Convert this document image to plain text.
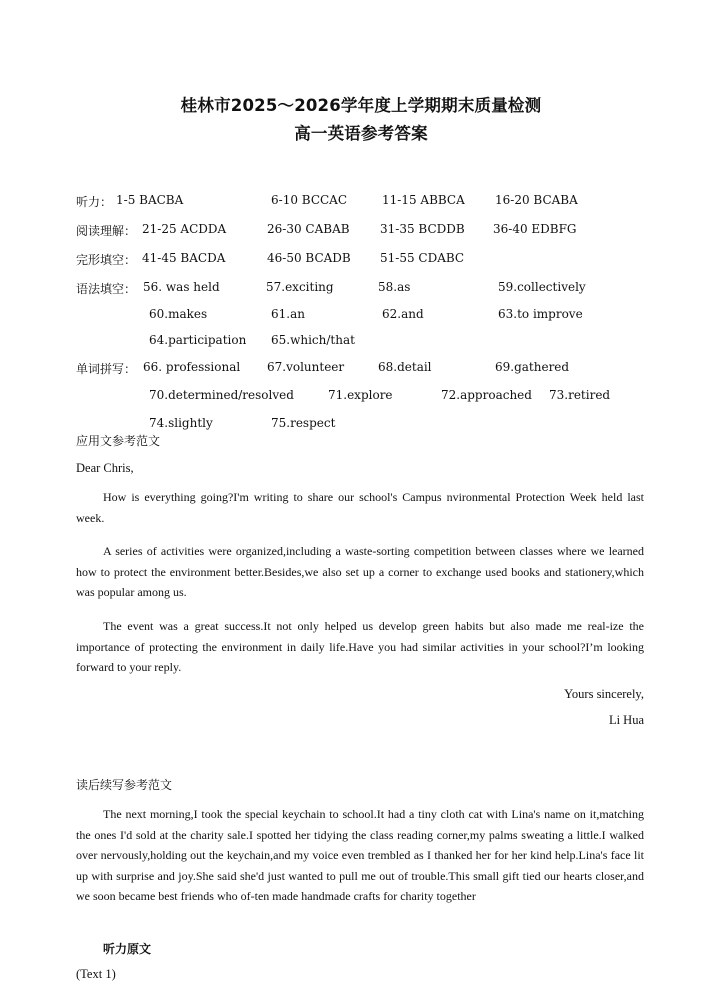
桂林市2025～2026学年度上学期期末质量检测
高一英语参考答案
听力： 1-5 BACBA	6-10 BCCAC	11-15 ABBCA	16-20 BCABA
阅读理解： 21-25 ACDDA	26-30 CABAB	31-35 BCDDB 36-40 EDBFG
完形填空： 41-45 BACDA	46-50 BCADB 51-55 CDABC
语法填空： 56. was held	57.exciting	58.as	59.collectively
60.makes	61.an	62.and	63.to improve
64.participation 65.which/that
单词拼写： 66. professional 67.volunteer	68.detail	69.gathered
70.determined/resolved	71.explore	72.approached 73.retired
74.slightly	75.respect
应用文参考范文
Dear Chris,
How is everything going?I'm writing to share our school's Campus nvironmental Protection Week held last week.
A series of activities were organized,including a waste-sorting competition between classes where we learned how to protect the environment better.Besides,we also set up a corner to exchange used books and stationery,which was popular among us.
The event was a great success.It not only helped us develop green habits but also made me real-ize the importance of protecting the environment in daily life.Have you had similar activities in your school?I’m looking forward to your reply.
Yours sincerely,
Li Hua
读后续写参考范文
The next morning,I took the special keychain to school.It had a tiny cloth cat with Lina's name on it,matching the ones I'd sold at the charity sale.I spotted her tidying the class reading corner,my palms sweating a little.I walked over nervously,holding out the keychain,and my voice even trembled as I thanked her for her kind help.Lina's face lit up with surprise and joy.She said she'd just wanted to pull me out of trouble.This small gift tied our hearts closer,and we soon became best friends who of-ten made handmade crafts for charity together
听力原文
(Text 1)
